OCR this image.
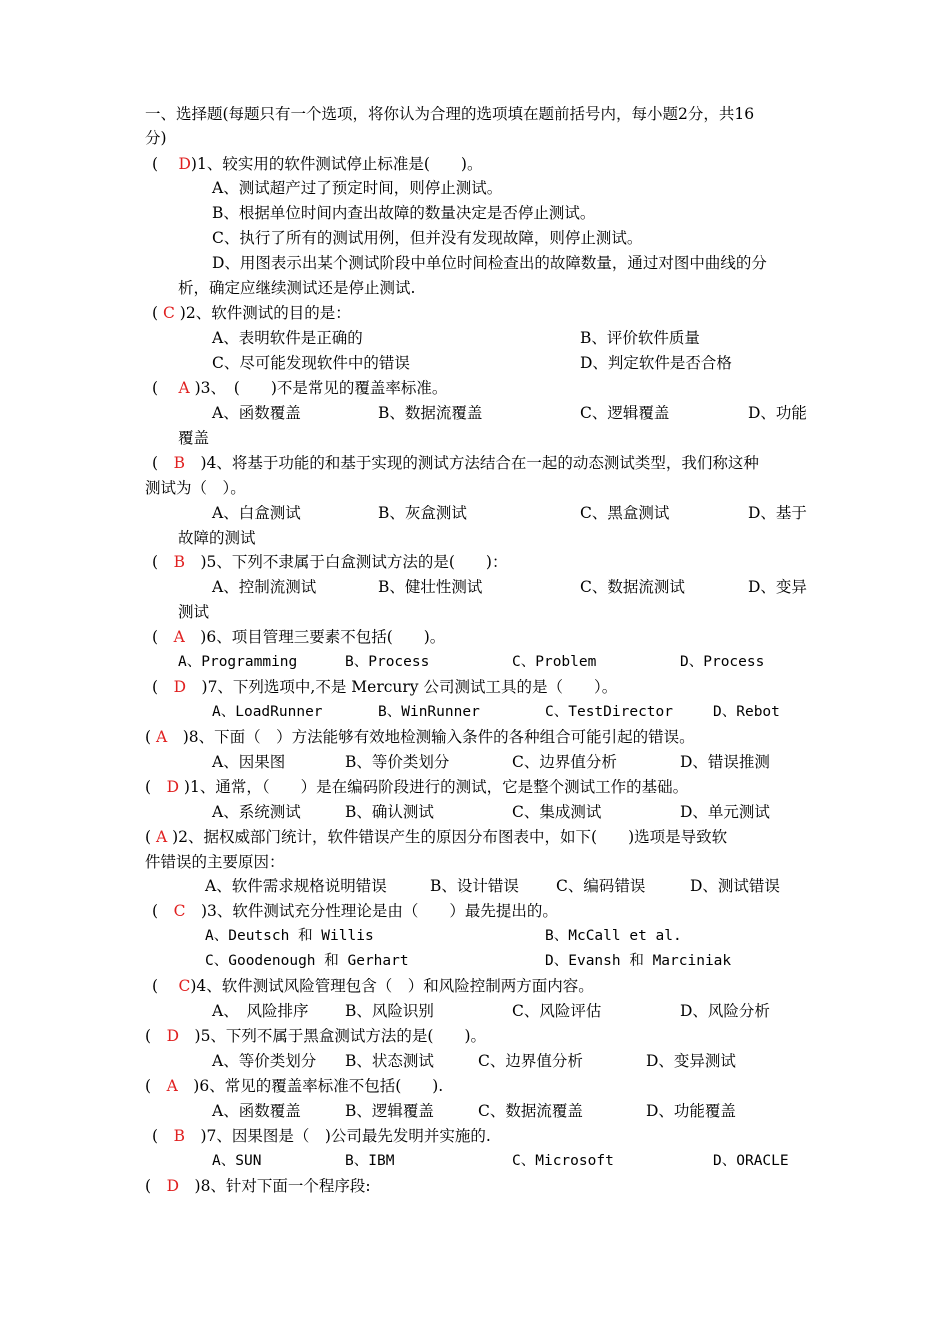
一、选择题(每题只有一个选项，将你认为合理的选项填在题前括号内，每小题2分，共16
分)
(　 D)1、较实用的软件测试停止标准是(　　)。
A、测试超产过了预定时间，则停止测试。
B、根据单位时间内查出故障的数量决定是否停止测试。
C、执行了所有的测试用例，但并没有发现故障，则停止测试。
D、用图表示出某个测试阶段中单位时间检查出的故障数量，通过对图中曲线的分
析，确定应继续测试还是停止测试.
( C )2、软件测试的目的是：
A、表明软件是正确的	B、评价软件质量
C、尽可能发现软件中的错误	D、判定软件是否合格
(　 A )3、　(　　)不是常见的覆盖率标准。
A、函数覆盖	B、数据流覆盖	C、逻辑覆盖	D、功能
覆盖
(　B　)4、将基于功能的和基于实现的测试方法结合在一起的动态测试类型，我们称这种
测试为（　）。
A、白盒测试	B、灰盒测试	C、黑盒测试	D、基于
故障的测试
(　B　)5、下列不隶属于白盒测试方法的是(　　)：
A、控制流测试	B、健壮性测试	C、数据流测试	D、变异
测试
(　A　)6、项目管理三要素不包括(　　)。
A、Programming	B、Process	C、Problem	D、Process
(　D　)7、下列选项中,不是 Mercury 公司测试工具的是（　　）。
A、LoadRunner	B、WinRunner	C、TestDirector	D、Rebot
( A　)8、下面（　）方法能够有效地检测输入条件的各种组合可能引起的错误。
A、因果图	B、等价类划分	C、边界值分析	D、错误推测
(　D )1、通常，（　　）是在编码阶段进行的测试，它是整个测试工作的基础。
A、系统测试	B、确认测试	C、集成测试	D、单元测试
( A )2、据权威部门统计，软件错误产生的原因分布图表中，如下(　　)选项是导致软
件错误的主要原因：
A、软件需求规格说明错误	B、设计错误 C、编码错误	D、测试错误
(　C　)3、软件测试充分性理论是由（　　）最先提出的。
A、Deutsch 和 Willis	B、McCall et al.
C、Goodenough 和 Gerhart	D、Evansh 和 Marciniak
(　 C)4、软件测试风险管理包含（　）和风险控制两方面内容。
A、　风险排序 B、风险识别	C、风险评估	D、风险分析
(　D　)5、下列不属于黑盒测试方法的是(　　)。
A、等价类划分 B、状态测试	C、边界值分析	D、变异测试
(　A　)6、常见的覆盖率标准不包括(　　).
A、函数覆盖	B、逻辑覆盖	C、数据流覆盖	D、功能覆盖
(　B　)7、因果图是（　)公司最先发明并实施的.
A、SUN	B、IBM	C、Microsoft	D、ORACLE
(　D　)8、针对下面一个程序段:
